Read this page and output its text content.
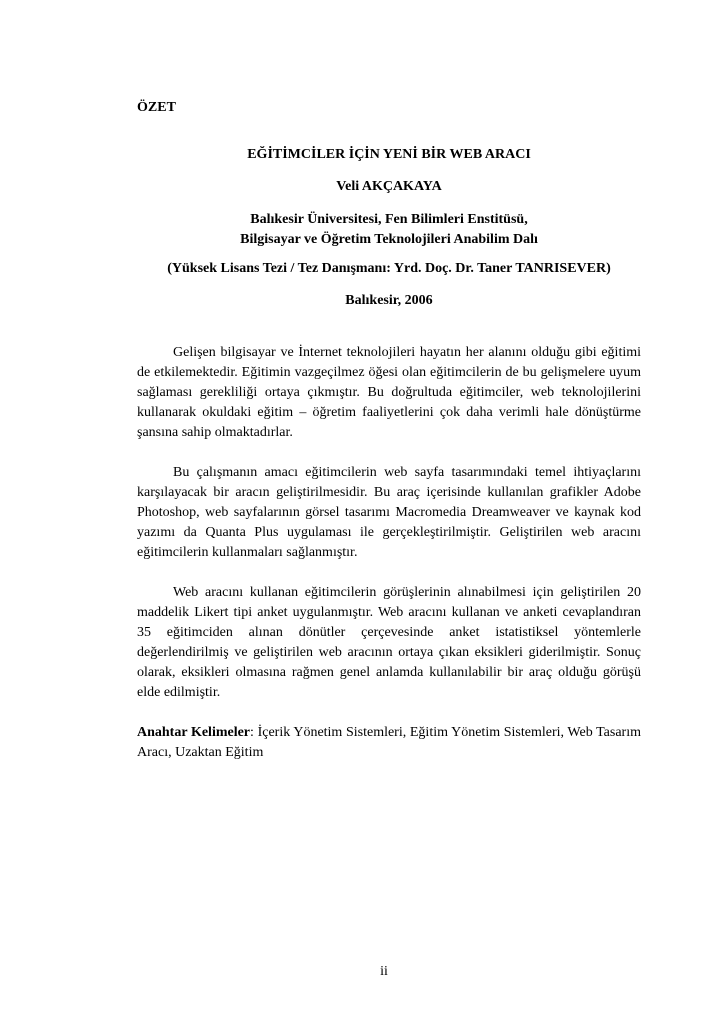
ÖZET
EĞİTİMCİLER İÇİN YENİ BİR WEB ARACI
Veli AKÇAKAYA
Balıkesir Üniversitesi, Fen Bilimleri Enstitüsü,
Bilgisayar ve Öğretim Teknolojileri Anabilim Dalı
(Yüksek Lisans Tezi / Tez Danışmanı: Yrd. Doç. Dr. Taner TANRISEVER)
Balıkesir, 2006

Gelişen bilgisayar ve İnternet teknolojileri hayatın her alanını olduğu gibi eğitimi de etkilemektedir. Eğitimin vazgeçilmez öğesi olan eğitimcilerin de bu gelişmelere uyum sağlaması gerekliliği ortaya çıkmıştır. Bu doğrultuda eğitimciler, web teknolojilerini kullanarak okuldaki eğitim – öğretim faaliyetlerini çok daha verimli hale dönüştürme şansına sahip olmaktadırlar.

Bu çalışmanın amacı eğitimcilerin web sayfa tasarımındaki temel ihtiyaçlarını karşılayacak bir aracın geliştirilmesidir. Bu araç içerisinde kullanılan grafikler Adobe Photoshop, web sayfalarının görsel tasarımı Macromedia Dreamweaver ve kaynak kod yazımı da Quanta Plus uygulaması ile gerçekleştirilmiştir. Geliştirilen web aracını eğitimcilerin kullanmaları sağlanmıştır.

Web aracını kullanan eğitimcilerin görüşlerinin alınabilmesi için geliştirilen 20 maddelik Likert tipi anket uygulanmıştır. Web aracını kullanan ve anketi cevaplandıran 35 eğitimciden alınan dönütler çerçevesinde anket istatistiksel yöntemlerle değerlendirilmiş ve geliştirilen web aracının ortaya çıkan eksikleri giderilmiştir. Sonuç olarak, eksikleri olmasına rağmen genel anlamda kullanılabilir bir araç olduğu görüşü elde edilmiştir.

Anahtar Kelimeler: İçerik Yönetim Sistemleri, Eğitim Yönetim Sistemleri, Web Tasarım Aracı, Uzaktan Eğitim

ii
